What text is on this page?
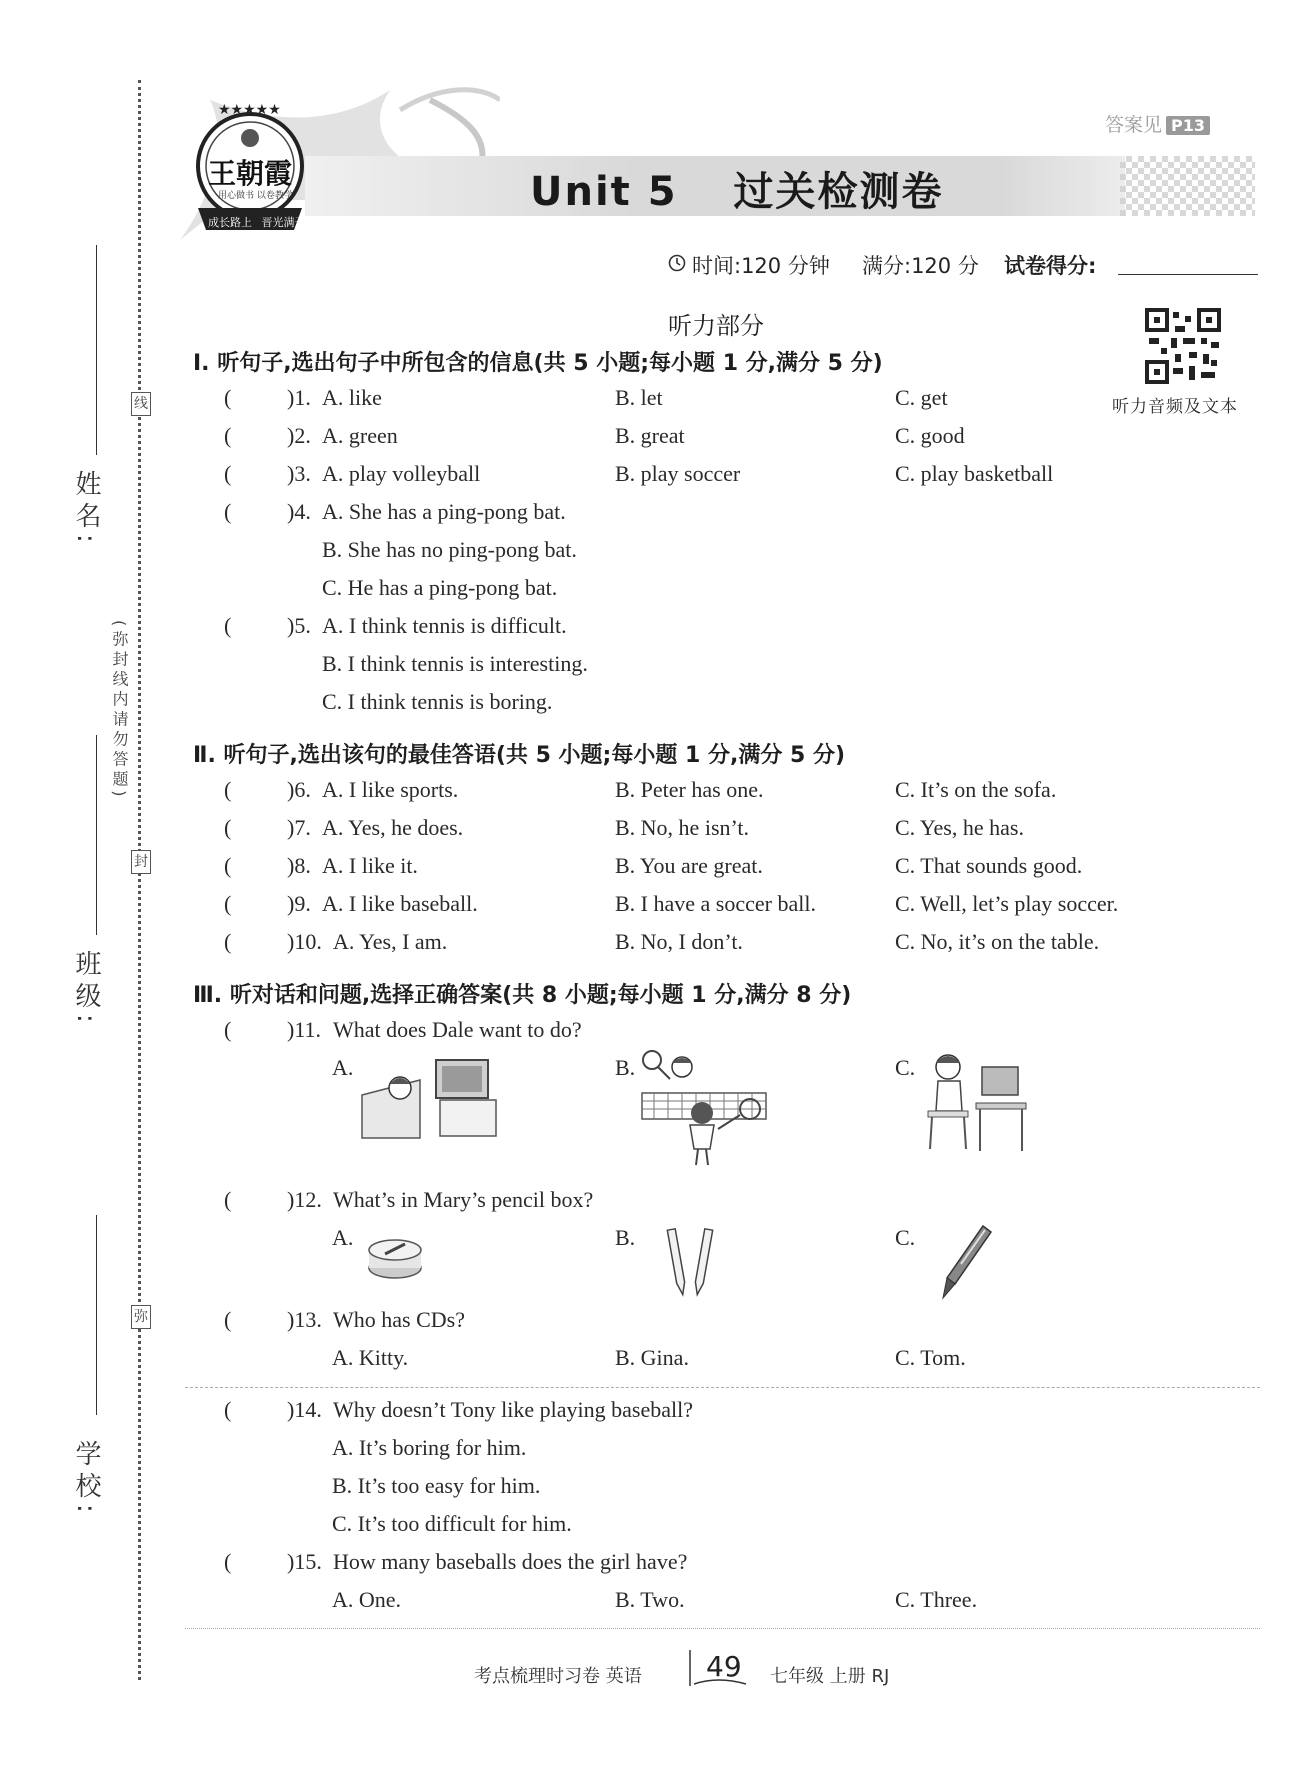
线
封
弥
姓名:
(弥封线内请勿答题)
班级:
学校:
★★★★★
王朝霞
用心做书 以卷教学
成长路上 晋光满天
答案见 P13
Unit 5 过关检测卷
时间:120 分钟 满分:120 分 试卷得分:
听力部分
听力音频及文本
Ⅰ. 听句子,选出句子中所包含的信息(共 5 小题;每小题 1 分,满分 5 分)
(	)1. A. like	B. let	C. get
(	)2. A. green	B. great	C. good
(	)3. A. play volleyball	B. play soccer	C. play basketball
(	)4. A. She has a ping-pong bat.
B. She has no ping-pong bat.
C. He has a ping-pong bat.
(	)5. A. I think tennis is difficult.
B. I think tennis is interesting.
C. I think tennis is boring.
Ⅱ. 听句子,选出该句的最佳答语(共 5 小题;每小题 1 分,满分 5 分)
(	)6. A. I like sports.	B. Peter has one.	C. It’s on the sofa.
(	)7. A. Yes, he does.	B. No, he isn’t.	C. Yes, he has.
(	)8. A. I like it.	B. You are great.	C. That sounds good.
(	)9. A. I like baseball.	B. I have a soccer ball.	C. Well, let’s play soccer.
(	)10. A. Yes, I am.	B. No, I don’t.	C. No, it’s on the table.
Ⅲ. 听对话和问题,选择正确答案(共 8 小题;每小题 1 分,满分 8 分)
(	)11. What does Dale want to do?
A.	B.	C.
(	)12. What’s in Mary’s pencil box?
A.	B.	C.
(	)13. Who has CDs?
A. Kitty.	B. Gina.	C. Tom.
(	)14. Why doesn’t Tony like playing baseball?
A. It’s boring for him.
B. It’s too easy for him.
C. It’s too difficult for him.
(	)15. How many baseballs does the girl have?
A. One.	B. Two.	C. Three.
考点梳理时习卷 英语 49 七年级 上册 RJ
